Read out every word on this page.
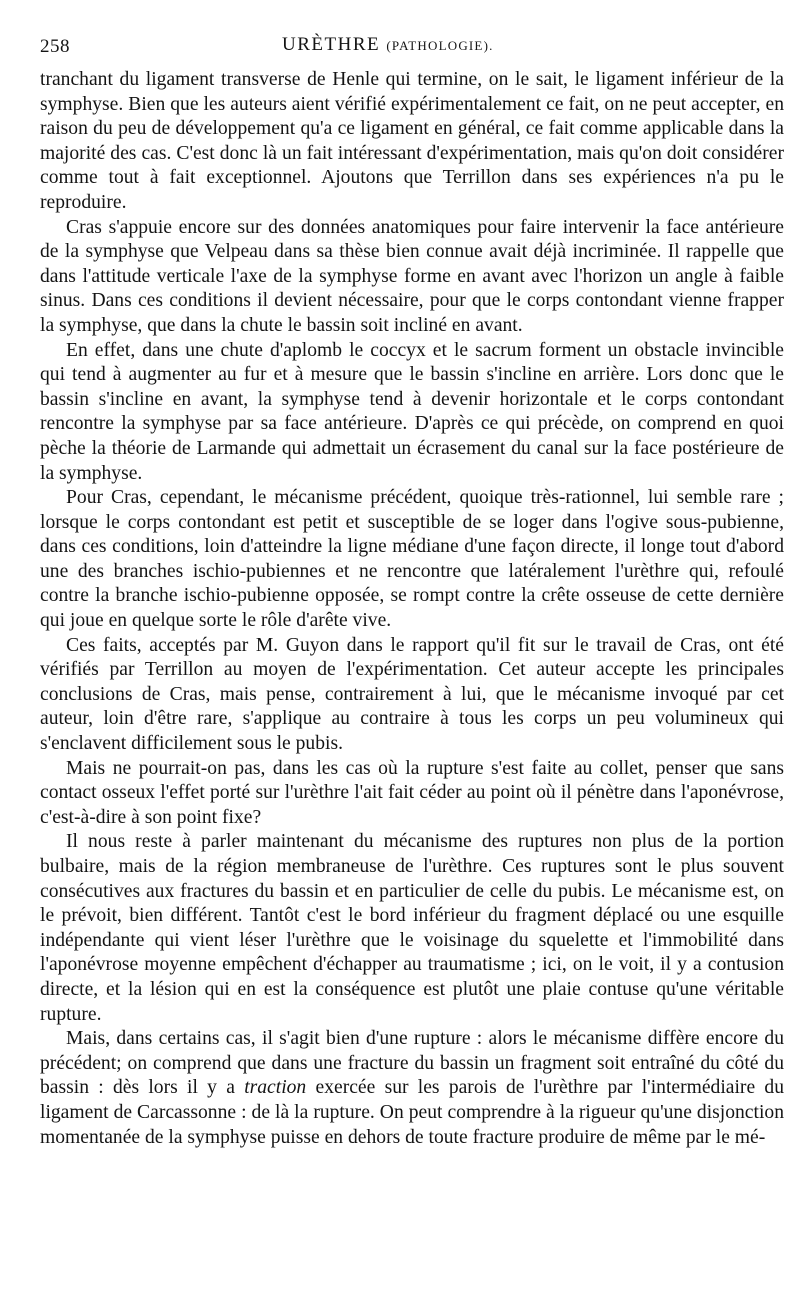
258	URÈTHRE (PATHOLOGIE).

tranchant du ligament transverse de Henle qui termine, on le sait, le ligament inférieur de la symphyse. Bien que les auteurs aient vérifié expérimentalement ce fait, on ne peut accepter, en raison du peu de développement qu'a ce ligament en général, ce fait comme applicable dans la majorité des cas. C'est donc là un fait intéressant d'expérimentation, mais qu'on doit considérer comme tout à fait exceptionnel. Ajoutons que Terrillon dans ses expériences n'a pu le reproduire.

Cras s'appuie encore sur des données anatomiques pour faire intervenir la face antérieure de la symphyse que Velpeau dans sa thèse bien connue avait déjà incriminée. Il rappelle que dans l'attitude verticale l'axe de la symphyse forme en avant avec l'horizon un angle à faible sinus. Dans ces conditions il devient nécessaire, pour que le corps contondant vienne frapper la symphyse, que dans la chute le bassin soit incliné en avant.

En effet, dans une chute d'aplomb le coccyx et le sacrum forment un obstacle invincible qui tend à augmenter au fur et à mesure que le bassin s'incline en arrière. Lors donc que le bassin s'incline en avant, la symphyse tend à devenir horizontale et le corps contondant rencontre la symphyse par sa face antérieure. D'après ce qui précède, on comprend en quoi pèche la théorie de Larmande qui admettait un écrasement du canal sur la face postérieure de la symphyse.

Pour Cras, cependant, le mécanisme précédent, quoique très-rationnel, lui semble rare ; lorsque le corps contondant est petit et susceptible de se loger dans l'ogive sous-pubienne, dans ces conditions, loin d'atteindre la ligne médiane d'une façon directe, il longe tout d'abord une des branches ischio-pubiennes et ne rencontre que latéralement l'urèthre qui, refoulé contre la branche ischio-pubienne opposée, se rompt contre la crête osseuse de cette dernière qui joue en quelque sorte le rôle d'arête vive.

Ces faits, acceptés par M. Guyon dans le rapport qu'il fit sur le travail de Cras, ont été vérifiés par Terrillon au moyen de l'expérimentation. Cet auteur accepte les principales conclusions de Cras, mais pense, contrairement à lui, que le mécanisme invoqué par cet auteur, loin d'être rare, s'applique au contraire à tous les corps un peu volumineux qui s'enclavent difficilement sous le pubis.

Mais ne pourrait-on pas, dans les cas où la rupture s'est faite au collet, penser que sans contact osseux l'effet porté sur l'urèthre l'ait fait céder au point où il pénètre dans l'aponévrose, c'est-à-dire à son point fixe?

Il nous reste à parler maintenant du mécanisme des ruptures non plus de la portion bulbaire, mais de la région membraneuse de l'urèthre. Ces ruptures sont le plus souvent consécutives aux fractures du bassin et en particulier de celle du pubis. Le mécanisme est, on le prévoit, bien différent. Tantôt c'est le bord inférieur du fragment déplacé ou une esquille indépendante qui vient léser l'urèthre que le voisinage du squelette et l'immobilité dans l'aponévrose moyenne empêchent d'échapper au traumatisme ; ici, on le voit, il y a contusion directe, et la lésion qui en est la conséquence est plutôt une plaie contuse qu'une véritable rupture.

Mais, dans certains cas, il s'agit bien d'une rupture : alors le mécanisme diffère encore du précédent; on comprend que dans une fracture du bassin un fragment soit entraîné du côté du bassin : dès lors il y a traction exercée sur les parois de l'urèthre par l'intermédiaire du ligament de Carcassonne : de là la rupture. On peut comprendre à la rigueur qu'une disjonction momentanée de la symphyse puisse en dehors de toute fracture produire de même par le mé-
